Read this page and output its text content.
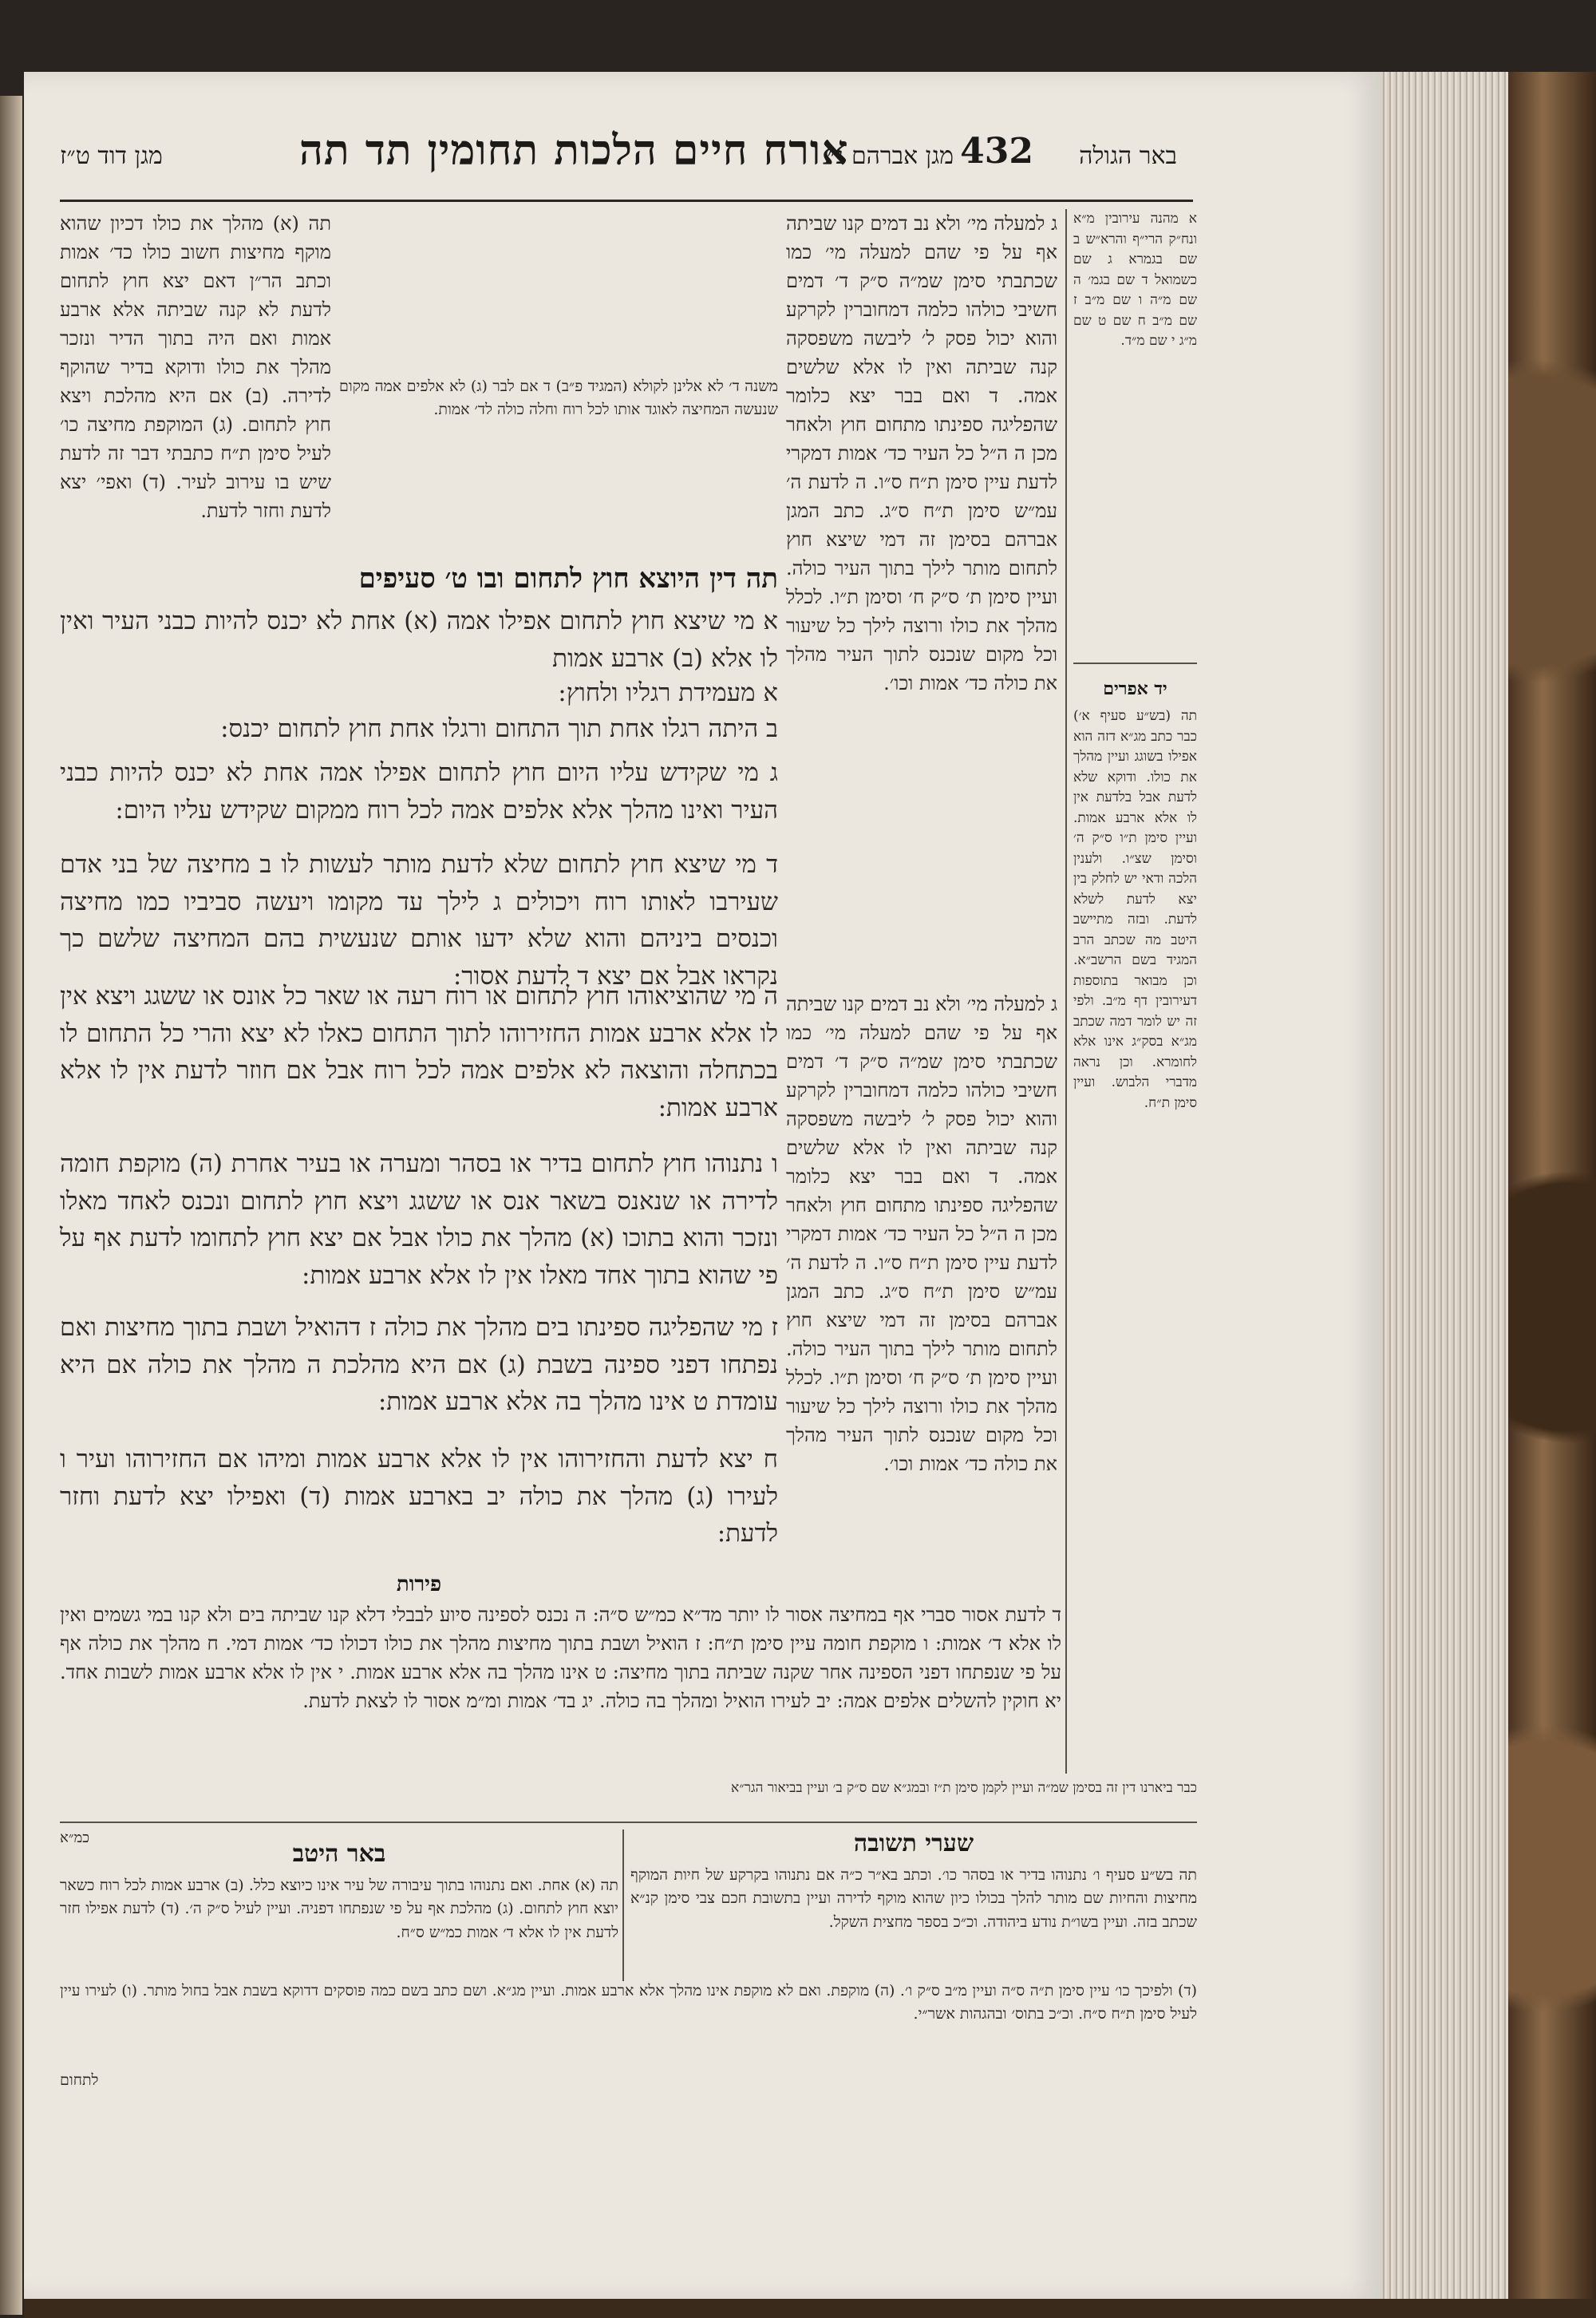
באר הגולה
432
מגן אברהם נ״
אורח חיים הלכות תחומין תד תה
מגן דוד ט״ז
א מהנה עירובין מ״א ונח״ק הרי״ף והרא״ש ב שם בגמרא ג שם כשמואל ד שם בגמ׳ ה שם מ״ה ו שם מ״ב ז שם מ״ב ח שם ט שם מ״ג י שם מ״ד.
יד אפרים
תה (בש״ע סעיף א׳) כבר כתב מג״א דזה הוא אפילו בשוגג ועיין מהלך את כולו. ודוקא שלא לדעת אבל בלדעת אין לו אלא ארבע אמות. ועיין סימן ת״ו ס״ק ה׳ וסימן שצ״ו. ולענין הלכה ודאי יש לחלק בין יצא לדעת לשלא לדעת. ובזה מתיישב היטב מה שכתב הרב המגיד בשם הרשב״א. וכן מבואר בתוספות דעירובין דף מ״ב. ולפי זה יש לומר דמה שכתב מג״א בסק״ג אינו אלא לחומרא. וכן נראה מדברי הלבוש. ועיין סימן ת״ח.
ג למעלה מי׳ ולא נב דמים קנו שביתה אף על פי שהם למעלה מי׳ כמו שכתבתי סימן שמ״ה ס״ק ד׳ דמים חשיבי כולהו כלמה דמחוברין לקרקע והוא יכול פסק ל׳ ליבשה משפסקה קנה שביתה ואין לו אלא שלשים אמה. ד ואם בבר יצא כלומר שהפליגה ספינתו מתחום חוץ ולאחר מכן ה ה״ל כל העיר כד׳ אמות דמקרי לדעת עיין סימן ת״ח ס״ו. ה לדעת ה׳ עמ״ש סימן ת״ח ס״ג. כתב המגן אברהם בסימן זה דמי שיצא חוץ לתחום מותר לילך בתוך העיר כולה. ועיין סימן ת׳ ס״ק ח׳ וסימן ת״ו. לכלל מהלך את כולו ורוצה לילך כל שיעור וכל מקום שנכנס לתוך העיר מהלך את כולה כד׳ אמות וכו׳.
תה (א) מהלך את כולו דכיון שהוא מוקף מחיצות חשוב כולו כד׳ אמות וכתב הר״ן דאם יצא חוץ לתחום לדעת לא קנה שביתה אלא ארבע אמות ואם היה בתוך הדיר ונזכר מהלך את כולו ודוקא בדיר שהוקף לדירה. (ב) אם היא מהלכת ויצא חוץ לתחום. (ג) המוקפת מחיצה כו׳ לעיל סימן ת״ח כתבתי דבר זה לדעת שיש בו עירוב לעיר. (ד) ואפי׳ יצא לדעת וחזר לדעת.
משנה ד׳ לא אלינן לקולא (המגיד פ״ב) ד אם לבר (ג) לא אלפים אמה מקום שנעשה המחיצה לאוגד אותו לכל רוח וחלה כולה לד׳ אמות.
תה דין היוצא חוץ לתחום ובו ט׳ סעיפים
א מי שיצא חוץ לתחום אפילו אמה (א) אחת לא יכנס להיות כבני העיר ואין לו אלא (ב) ארבע אמות
א מעמידת רגליו ולחוץ:
ב היתה רגלו אחת תוך התחום ורגלו אחת חוץ לתחום יכנס:
ג מי שקידש עליו היום חוץ לתחום אפילו אמה אחת לא יכנס להיות כבני העיר ואינו מהלך אלא אלפים אמה לכל רוח ממקום שקידש עליו היום:
ד מי שיצא חוץ לתחום שלא לדעת מותר לעשות לו ב מחיצה של בני אדם שעירבו לאותו רוח ויכולים ג לילך עד מקומו ויעשה סביביו כמו מחיצה וכנסים ביניהם והוא שלא ידעו אותם שנעשית בהם המחיצה שלשם כך נקראו אבל אם יצא ד לדעת אסור:
ה מי שהוציאוהו חוץ לתחום או רוח רעה או שאר כל אונס או ששגג ויצא אין לו אלא ארבע אמות החזירוהו לתוך התחום כאלו לא יצא והרי כל התחום לו בכתחלה והוצאה לא אלפים אמה לכל רוח אבל אם חוזר לדעת אין לו אלא ארבע אמות:
ו נתנוהו חוץ לתחום בדיר או בסהר ומערה או בעיר אחרת (ה) מוקפת חומה לדירה או שנאנס בשאר אנס או ששגג ויצא חוץ לתחום ונכנס לאחד מאלו ונזכר והוא בתוכו (א) מהלך את כולו אבל אם יצא חוץ לתחומו לדעת אף על פי שהוא בתוך אחד מאלו אין לו אלא ארבע אמות:
ז מי שהפליגה ספינתו בים מהלך את כולה ז דהואיל ושבת בתוך מחיצות ואם נפתחו דפני ספינה בשבת (ג) אם היא מהלכת ה מהלך את כולה אם היא עומדת ט אינו מהלך בה אלא ארבע אמות:
ג למעלה מי׳ ולא נב דמים קנו שביתה אף על פי שהם למעלה מי׳ כמו שכתבתי סימן שמ״ה ס״ק ד׳ דמים חשיבי כולהו כלמה דמחוברין לקרקע והוא יכול פסק ל׳ ליבשה משפסקה קנה שביתה ואין לו אלא שלשים אמה. ד ואם בבר יצא כלומר שהפליגה ספינתו מתחום חוץ ולאחר מכן ה ה״ל כל העיר כד׳ אמות דמקרי לדעת עיין סימן ת״ח ס״ו. ה לדעת ה׳ עמ״ש סימן ת״ח ס״ג. כתב המגן אברהם בסימן זה דמי שיצא חוץ לתחום מותר לילך בתוך העיר כולה. ועיין סימן ת׳ ס״ק ח׳ וסימן ת״ו. לכלל מהלך את כולו ורוצה לילך כל שיעור וכל מקום שנכנס לתוך העיר מהלך את כולה כד׳ אמות וכו׳.
ח יצא לדעת והחזירוהו אין לו אלא ארבע אמות ומיהו אם החזירוהו ועיר ו לעירו (ג) מהלך את כולה יב בארבע אמות (ד) ואפילו יצא לדעת וחזר לדעת:
פירות
ד לדעת אסור סברי אף במחיצה אסור לו יותר מד״א כמ״ש ס״ה: ה נכנס לספינה סיוע לבבלי דלא קנו שביתה בים ולא קנו במי גשמים ואין לו אלא ד׳ אמות: ו מוקפת חומה עיין סימן ת״ח: ז הואיל ושבת בתוך מחיצות מהלך את כולו דכולו כד׳ אמות דמי. ח מהלך את כולה אף על פי שנפתחו דפני הספינה אחר שקנה שביתה בתוך מחיצה: ט אינו מהלך בה אלא ארבע אמות. י אין לו אלא ארבע אמות לשבות אחד. יא חוקין להשלים אלפים אמה: יב לעירו הואיל ומהלך בה כולה. יג בד׳ אמות ומ״מ אסור לו לצאת לדעת.
כבר ביארנו דין זה בסימן שמ״ה ועיין לקמן סימן ת״ז ובמג״א שם ס״ק ב׳ ועיין בביאור הגר״א
שערי תשובה
תה בש״ע סעיף ו׳ נתנוהו בדיר או בסהר כו׳. וכתב בא״ר כ״ה אם נתנוהו בקרקע של חיות המוקף מחיצות והחיות שם מותר להלך בכולו כיון שהוא מוקף לדירה ועיין בתשובת חכם צבי סימן קנ״א שכתב בזה. ועיין בשו״ת נודע ביהודה. וכ״כ בספר מחצית השקל.
כמ״א
באר היטב
תה (א) אחת. ואם נתנוהו בתוך עיבורה של עיר אינו כיוצא כלל. (ב) ארבע אמות לכל רוח כשאר יוצא חוץ לתחום. (ג) מהלכת אף על פי שנפתחו דפניה. ועיין לעיל ס״ק ה׳. (ד) לדעת אפילו חזר לדעת אין לו אלא ד׳ אמות כמ״ש ס״ח.
(ד) ולפיכך כו׳ עיין סימן ת״ה ס״ה ועיין מ״ב ס״ק ו׳. (ה) מוקפת. ואם לא מוקפת אינו מהלך אלא ארבע אמות. ועיין מג״א. ושם כתב בשם כמה פוסקים דדוקא בשבת אבל בחול מותר. (ו) לעירו עיין לעיל סימן ת״ח ס״ח. וכ״כ בתוס׳ ובהגהות אשר״י.
לתחום
